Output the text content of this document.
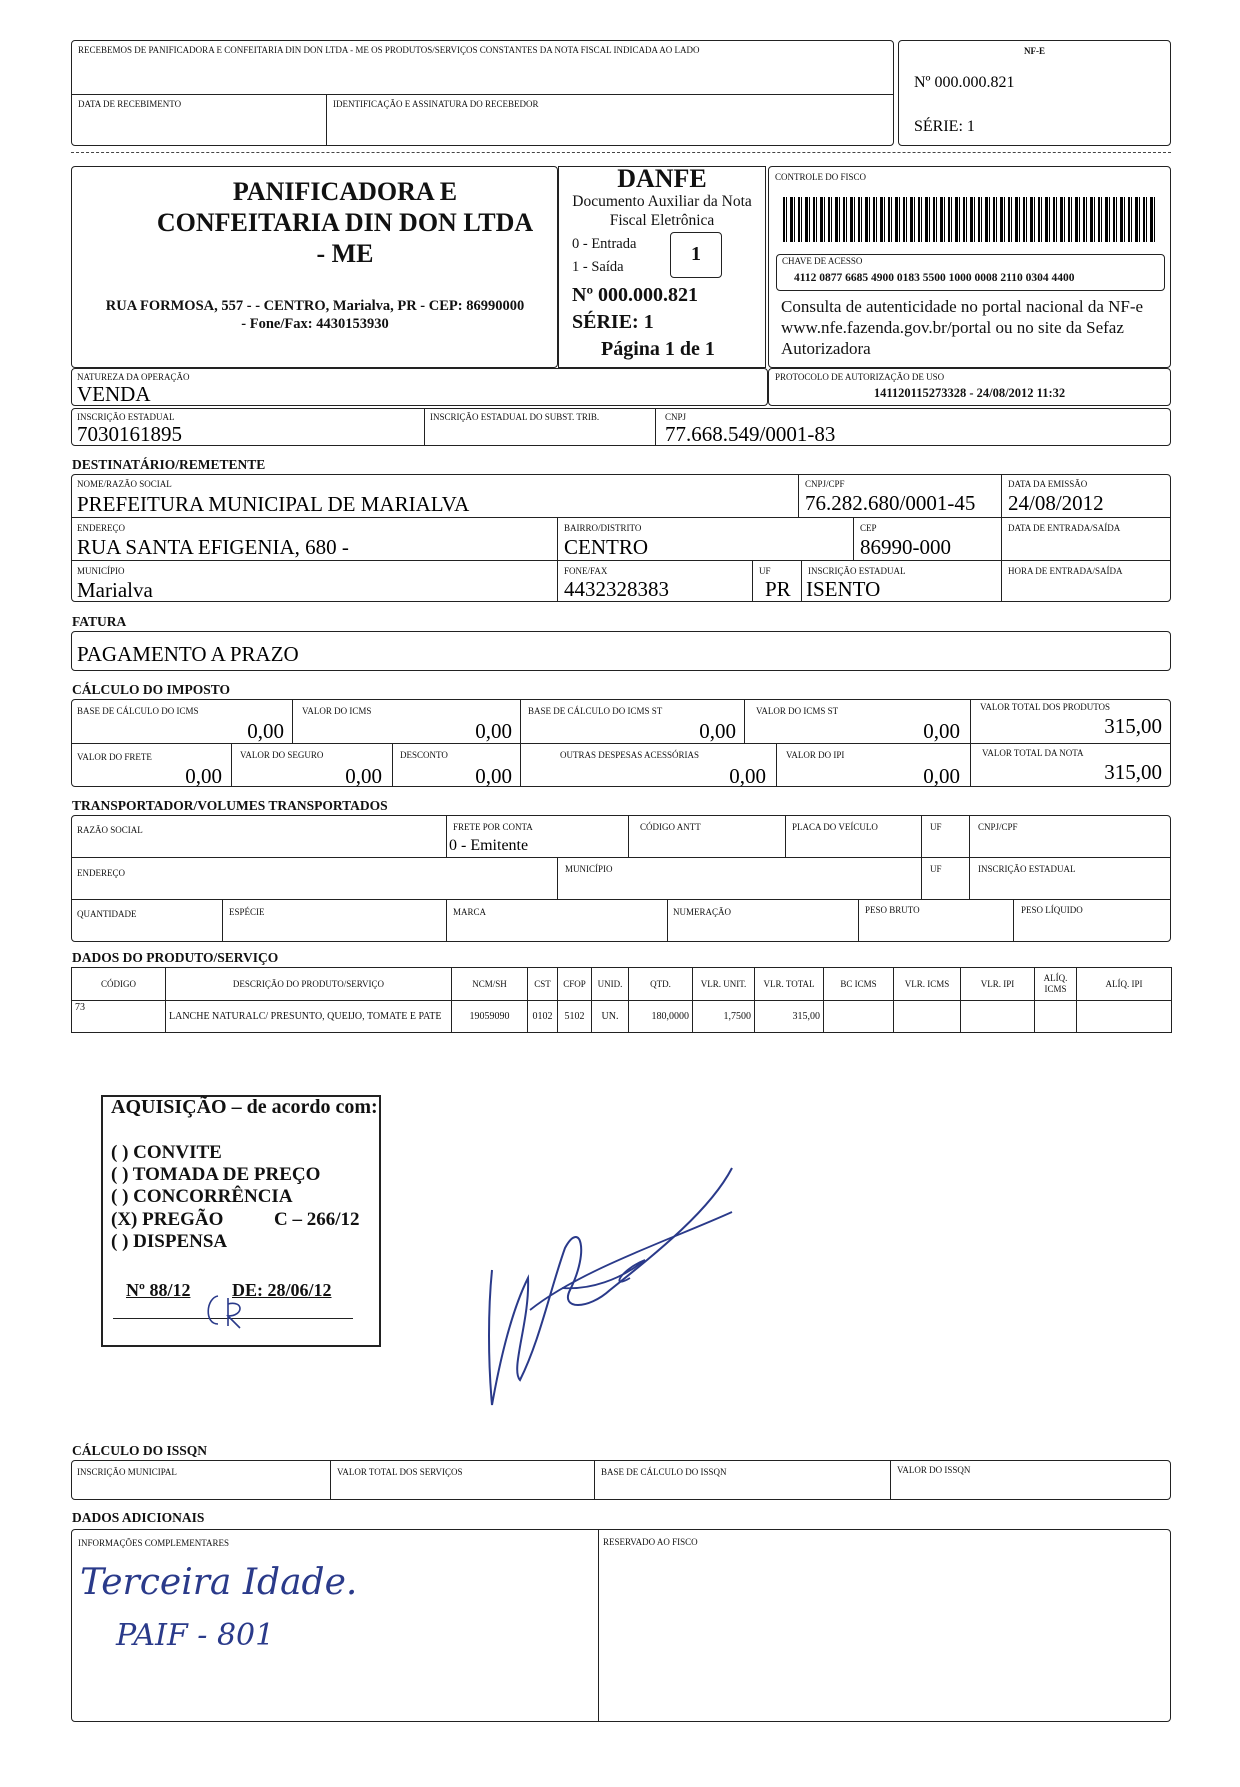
RECEBEMOS DE PANIFICADORA E CONFEITARIA DIN DON LTDA - ME OS PRODUTOS/SERVIÇOS CONSTANTES DA NOTA FISCAL INDICADA AO LADO
DATA DE RECEBIMENTO	IDENTIFICAÇÃO E ASSINATURA DO RECEBEDOR
NF-E
Nº 000.000.821
SÉRIE: 1
PANIFICADORA E CONFEITARIA DIN DON LTDA - ME
RUA FORMOSA, 557 - - CENTRO, Marialva, PR - CEP: 86990000
- Fone/Fax: 4430153930
DANFE
Documento Auxiliar da Nota Fiscal Eletrônica
0 - Entrada
1 - Saída
1
Nº 000.000.821
SÉRIE: 1
Página 1 de 1
CONTROLE DO FISCO
CHAVE DE ACESSO
4112 0877 6685 4900 0183 5500 1000 0008 2110 0304 4400
Consulta de autenticidade no portal nacional da NF-e www.nfe.fazenda.gov.br/portal ou no site da Sefaz Autorizadora
NATUREZA DA OPERAÇÃO
VENDA
PROTOCOLO DE AUTORIZAÇÃO DE USO
141120115273328 - 24/08/2012 11:32
INSCRIÇÃO ESTADUAL
7030161895
INSCRIÇÃO ESTADUAL DO SUBST. TRIB.	CNPJ
77.668.549/0001-83
DESTINATÁRIO/REMETENTE
NOME/RAZÃO SOCIAL
PREFEITURA MUNICIPAL DE MARIALVA
CNPJ/CPF
76.282.680/0001-45
DATA DA EMISSÃO
24/08/2012
ENDEREÇO
RUA SANTA EFIGENIA, 680 -
BAIRRO/DISTRITO
CENTRO
CEP
86990-000
DATA DE ENTRADA/SAÍDA
MUNICÍPIO
Marialva
FONE/FAX
4432328383
UF
PR
INSCRIÇÃO ESTADUAL
ISENTO
HORA DE ENTRADA/SAÍDA
FATURA
PAGAMENTO A PRAZO
CÁLCULO DO IMPOSTO
BASE DE CÁLCULO DO ICMS
0,00
VALOR DO ICMS
0,00
BASE DE CÁLCULO DO ICMS ST
0,00
VALOR DO ICMS ST
0,00
VALOR TOTAL DOS PRODUTOS
315,00
VALOR DO FRETE
0,00
VALOR DO SEGURO
0,00
DESCONTO
0,00
OUTRAS DESPESAS ACESSÓRIAS
0,00
VALOR DO IPI
0,00
VALOR TOTAL DA NOTA
315,00
TRANSPORTADOR/VOLUMES TRANSPORTADOS
RAZÃO SOCIAL	FRETE POR CONTA
0 - Emitente
CÓDIGO ANTT	PLACA DO VEÍCULO	UF	CNPJ/CPF
ENDEREÇO	MUNICÍPIO	UF	INSCRIÇÃO ESTADUAL
QUANTIDADE	ESPÉCIE	MARCA	NUMERAÇÃO	PESO BRUTO	PESO LÍQUIDO
DADOS DO PRODUTO/SERVIÇO
CÓDIGO	DESCRIÇÃO DO PRODUTO/SERVIÇO	NCM/SH	CST	CFOP	UNID.	QTD.	VLR. UNIT.	VLR. TOTAL	BC ICMS	VLR. ICMS	VLR. IPI	ALÍQ. ICMS	ALÍQ. IPI
73	LANCHE NATURALC/ PRESUNTO, QUEIJO, TOMATE E PATE	19059090	0102	5102	UN.	180,0000	1,7500	315,00					
AQUISIÇÃO – de acordo com:
( ) CONVITE
( ) TOMADA DE PREÇO
( ) CONCORRÊNCIA
(X) PREGÃO	C – 266/12
( ) DISPENSA
Nº 88/12 DE: 28/06/12
CÁLCULO DO ISSQN
INSCRIÇÃO MUNICIPAL	VALOR TOTAL DOS SERVIÇOS	BASE DE CÁLCULO DO ISSQN	VALOR DO ISSQN
DADOS ADICIONAIS
INFORMAÇÕES COMPLEMENTARES	RESERVADO AO FISCO
Terceira Idade.
PAIF - 801
